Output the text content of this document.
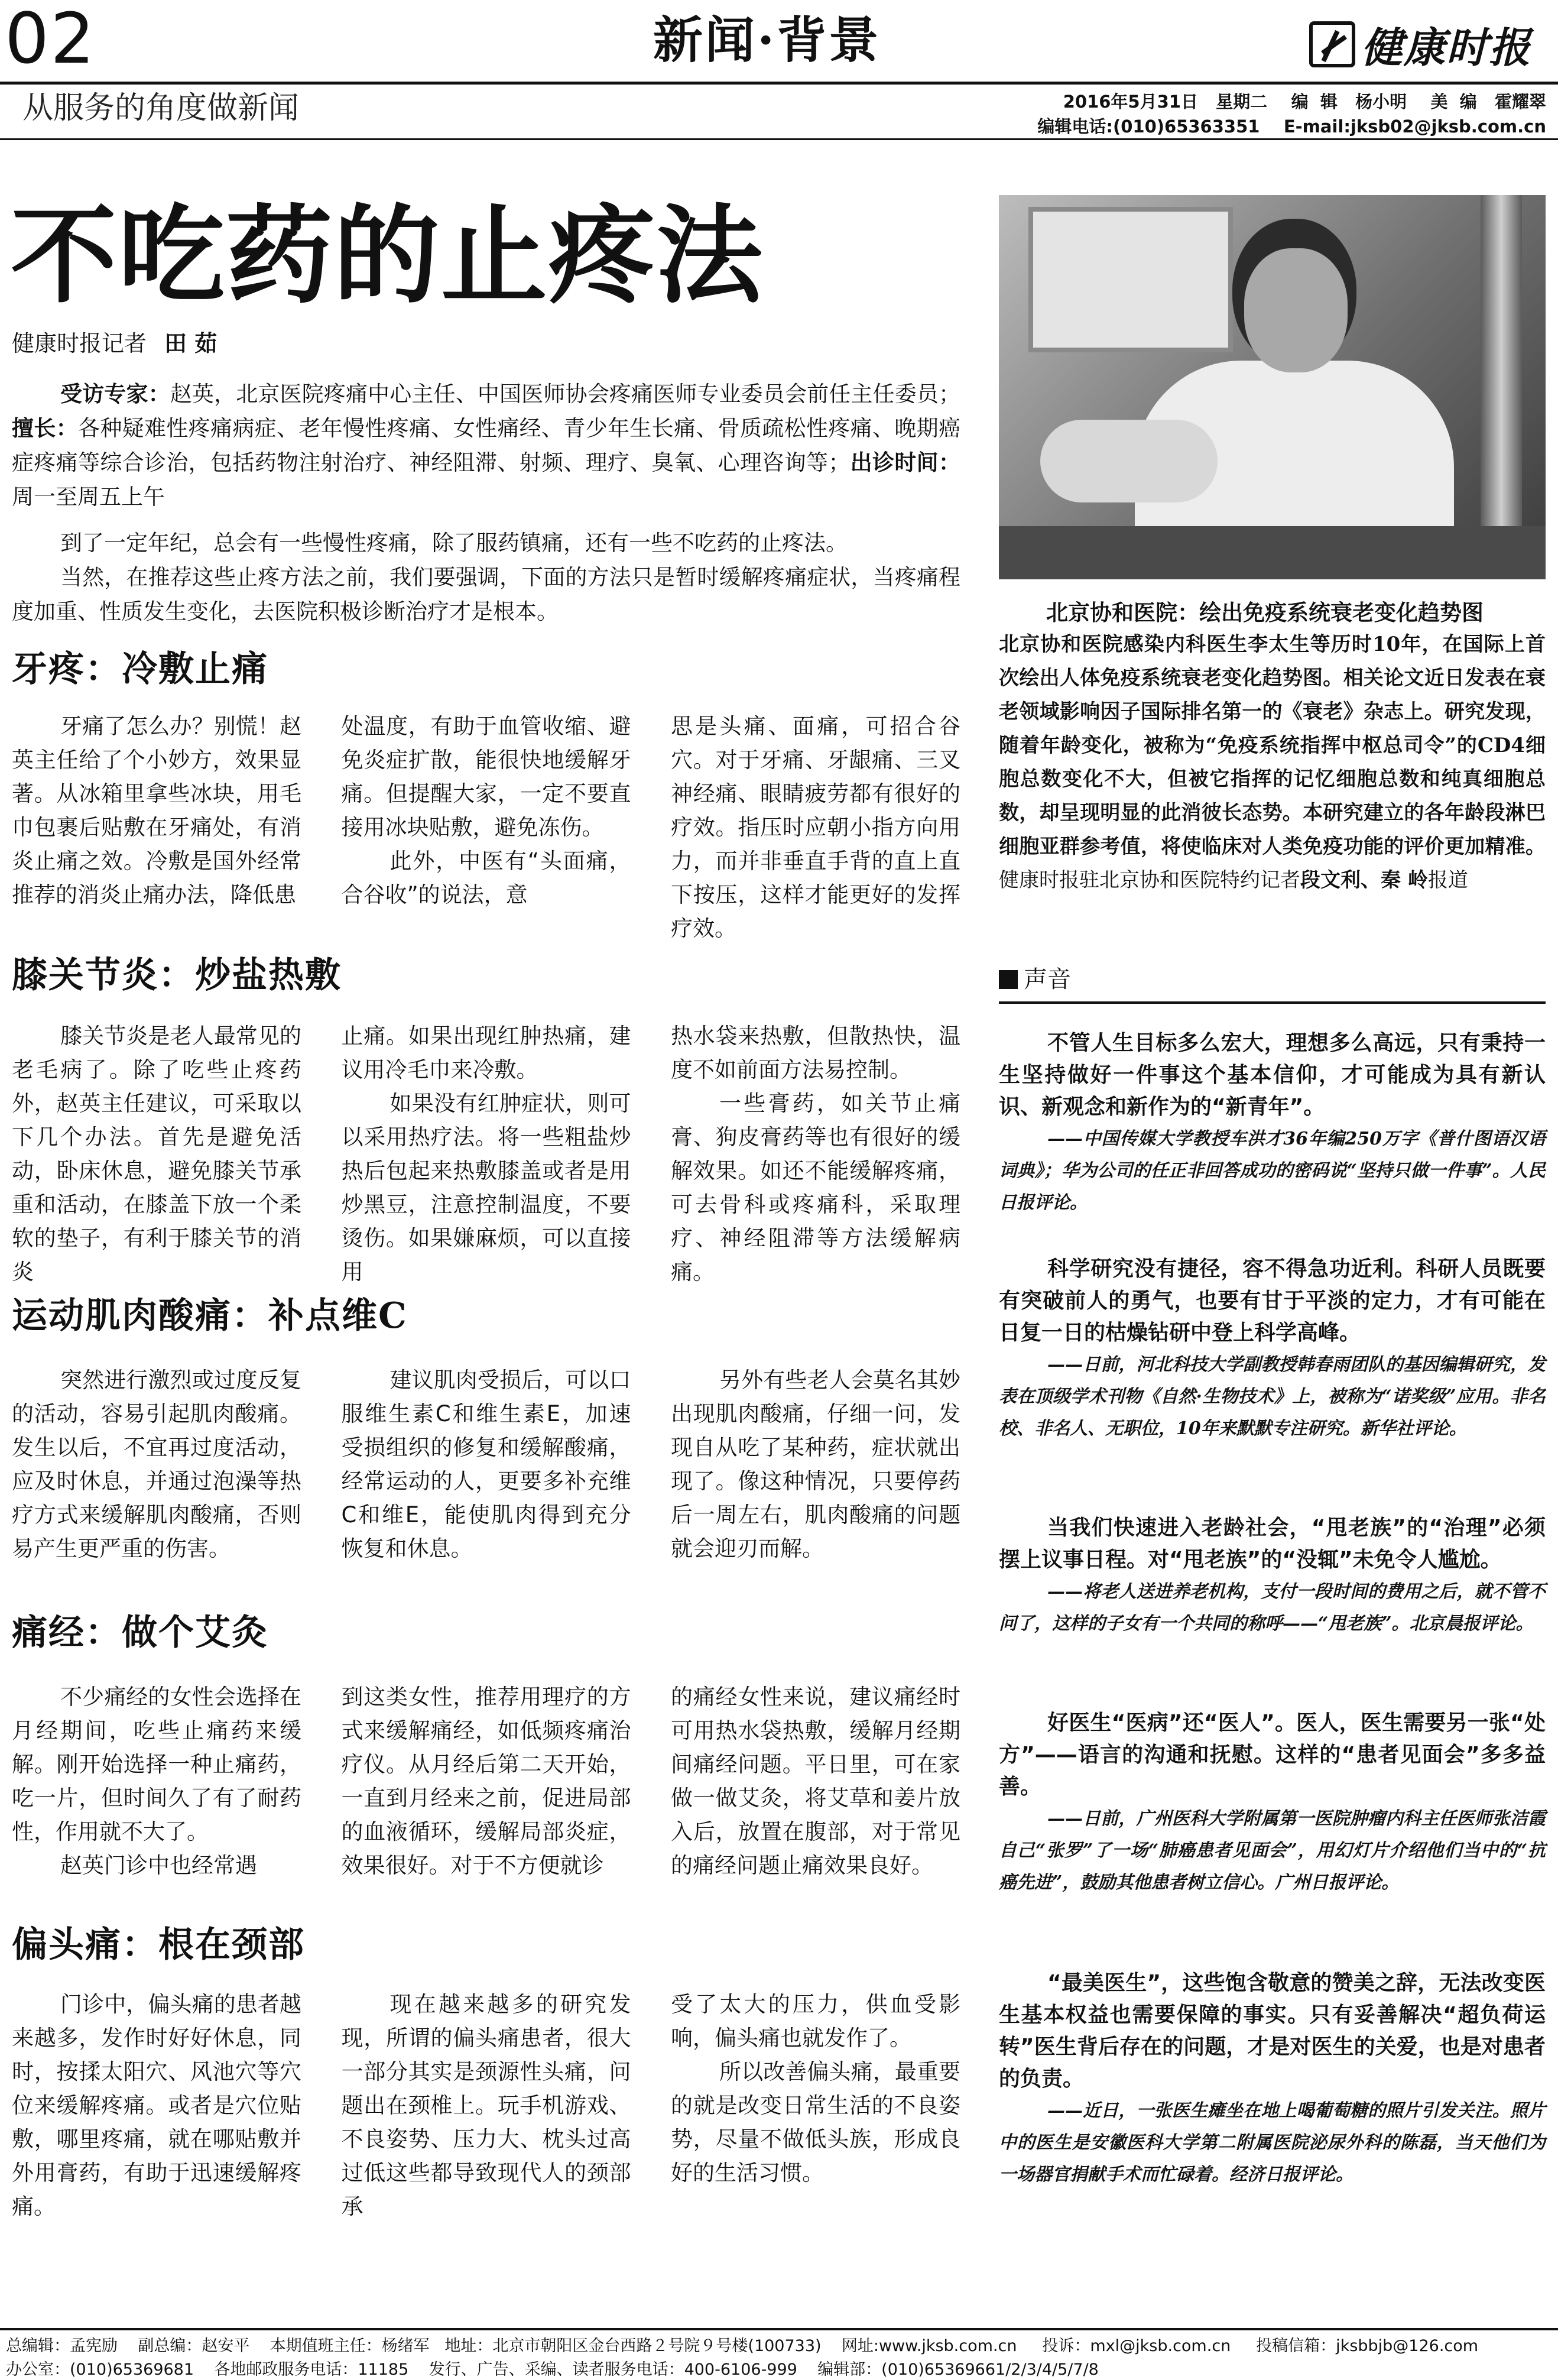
02	新闻·背景	健康时报
从服务的角度做新闻	2016年5月31日   星期二    编  辑   杨小明    美  编   霍耀翠
编辑电话:(010)65363351    E-mail:jksb02@jksb.com.cn
不吃药的止疼法
健康时报记者 田 茹
受访专家：赵英，北京医院疼痛中心主任、中国医师协会疼痛医师专业委员会前任主任委员；擅长：各种疑难性疼痛病症、老年慢性疼痛、女性痛经、青少年生长痛、骨质疏松性疼痛、晚期癌症疼痛等综合诊治，包括药物注射治疗、神经阻滞、射频、理疗、臭氧、心理咨询等；出诊时间：周一至周五上午

到了一定年纪，总会有一些慢性疼痛，除了服药镇痛，还有一些不吃药的止疼法。

当然，在推荐这些止疼方法之前，我们要强调，下面的方法只是暂时缓解疼痛症状，当疼痛程度加重、性质发生变化，去医院积极诊断治疗才是根本。

牙疼：冷敷止痛

牙痛了怎么办？别慌！赵英主任给了个小妙方，效果显著。从冰箱里拿些冰块，用毛巾包裹后贴敷在牙痛处，有消炎止痛之效。冷敷是国外经常推荐的消炎止痛办法，降低患

处温度，有助于血管收缩、避免炎症扩散，能很快地缓解牙痛。但提醒大家，一定不要直接用冰块贴敷，避免冻伤。

此外，中医有“头面痛，合谷收”的说法，意

思是头痛、面痛，可招合谷穴。对于牙痛、牙龈痛、三叉神经痛、眼睛疲劳都有很好的疗效。指压时应朝小指方向用力，而并非垂直手背的直上直下按压，这样才能更好的发挥疗效。

膝关节炎：炒盐热敷

膝关节炎是老人最常见的老毛病了。除了吃些止疼药外，赵英主任建议，可采取以下几个办法。首先是避免活动，卧床休息，避免膝关节承重和活动，在膝盖下放一个柔软的垫子，有利于膝关节的消炎

止痛。如果出现红肿热痛，建议用冷毛巾来冷敷。

如果没有红肿症状，则可以采用热疗法。将一些粗盐炒热后包起来热敷膝盖或者是用炒黑豆，注意控制温度，不要烫伤。如果嫌麻烦，可以直接用

热水袋来热敷，但散热快，温度不如前面方法易控制。

一些膏药，如关节止痛膏、狗皮膏药等也有很好的缓解效果。如还不能缓解疼痛，可去骨科或疼痛科，采取理疗、神经阻滞等方法缓解病痛。

运动肌肉酸痛：补点维C

突然进行激烈或过度反复的活动，容易引起肌肉酸痛。发生以后，不宜再过度活动，应及时休息，并通过泡澡等热疗方式来缓解肌肉酸痛，否则易产生更严重的伤害。

建议肌肉受损后，可以口服维生素C和维生素E，加速受损组织的修复和缓解酸痛，经常运动的人，更要多补充维C和维E，能使肌肉得到充分恢复和休息。

另外有些老人会莫名其妙出现肌肉酸痛，仔细一问，发现自从吃了某种药，症状就出现了。像这种情况，只要停药后一周左右，肌肉酸痛的问题就会迎刃而解。

痛经：做个艾灸

不少痛经的女性会选择在月经期间，吃些止痛药来缓解。刚开始选择一种止痛药，吃一片，但时间久了有了耐药性，作用就不大了。

赵英门诊中也经常遇

到这类女性，推荐用理疗的方式来缓解痛经，如低频疼痛治疗仪。从月经后第二天开始，一直到月经来之前，促进局部的血液循环，缓解局部炎症，效果很好。对于不方便就诊

的痛经女性来说，建议痛经时可用热水袋热敷，缓解月经期间痛经问题。平日里，可在家做一做艾灸，将艾草和姜片放入后，放置在腹部，对于常见的痛经问题止痛效果良好。

偏头痛：根在颈部

门诊中，偏头痛的患者越来越多，发作时好好休息，同时，按揉太阳穴、风池穴等穴位来缓解疼痛。或者是穴位贴敷，哪里疼痛，就在哪贴敷并外用膏药，有助于迅速缓解疼痛。

现在越来越多的研究发现，所谓的偏头痛患者，很大一部分其实是颈源性头痛，问题出在颈椎上。玩手机游戏、不良姿势、压力大、枕头过高过低这些都导致现代人的颈部承

受了太大的压力，供血受影响，偏头痛也就发作了。

所以改善偏头痛，最重要的就是改变日常生活的不良姿势，尽量不做低头族，形成良好的生活习惯。

北京协和医院：绘出免疫系统衰老变化趋势图
北京协和医院感染内科医生李太生等历时10年，在国际上首次绘出人体免疫系统衰老变化趋势图。相关论文近日发表在衰老领域影响因子国际排名第一的《衰老》杂志上。研究发现，随着年龄变化，被称为“免疫系统指挥中枢总司令”的CD4细胞总数变化不大，但被它指挥的记忆细胞总数和纯真细胞总数，却呈现明显的此消彼长态势。本研究建立的各年龄段淋巴细胞亚群参考值，将使临床对人类免疫功能的评价更加精准。健康时报驻北京协和医院特约记者段文利、秦 岭报道
声音

不管人生目标多么宏大，理想多么高远，只有秉持一生坚持做好一件事这个基本信仰，才可能成为具有新认识、新观念和新作为的“新青年”。

——中国传媒大学教授车洪才36年编250万字《普什图语汉语词典》；华为公司的任正非回答成功的密码说“坚持只做一件事”。人民日报评论。

科学研究没有捷径，容不得急功近利。科研人员既要有突破前人的勇气，也要有甘于平淡的定力，才有可能在日复一日的枯燥钻研中登上科学高峰。

——日前，河北科技大学副教授韩春雨团队的基因编辑研究，发表在顶级学术刊物《自然·生物技术》上，被称为“诺奖级”应用。非名校、非名人、无职位，10年来默默专注研究。新华社评论。

当我们快速进入老龄社会，“甩老族”的“治理”必须摆上议事日程。对“甩老族”的“没辄”未免令人尴尬。

——将老人送进养老机构，支付一段时间的费用之后，就不管不问了，这样的子女有一个共同的称呼——“甩老族”。北京晨报评论。

好医生“医病”还“医人”。医人，医生需要另一张“处方”——语言的沟通和抚慰。这样的“患者见面会”多多益善。

——日前，广州医科大学附属第一医院肿瘤内科主任医师张洁霞自己“张罗”了一场“肺癌患者见面会”，用幻灯片介绍他们当中的“抗癌先进”，鼓励其他患者树立信心。广州日报评论。

“最美医生”，这些饱含敬意的赞美之辞，无法改变医生基本权益也需要保障的事实。只有妥善解决“超负荷运转”医生背后存在的问题，才是对医生的关爱，也是对患者的负责。

——近日，一张医生瘫坐在地上喝葡萄糖的照片引发关注。照片中的医生是安徽医科大学第二附属医院泌尿外科的陈磊，当天他们为一场器官捐献手术而忙碌着。经济日报评论。

总编辑：孟宪励    副总编：赵安平    本期值班主任：杨绪军   地址：北京市朝阳区金台西路２号院９号楼(100733)    网址:www.jksb.com.cn     投诉：mxl@jksb.com.cn     投稿信箱：jksbbjb@126.com
办公室：(010)65369681    各地邮政服务电话：11185    发行、广告、采编、读者服务电话：400-6106-999    编辑部：(010)65369661/2/3/4/5/7/8
